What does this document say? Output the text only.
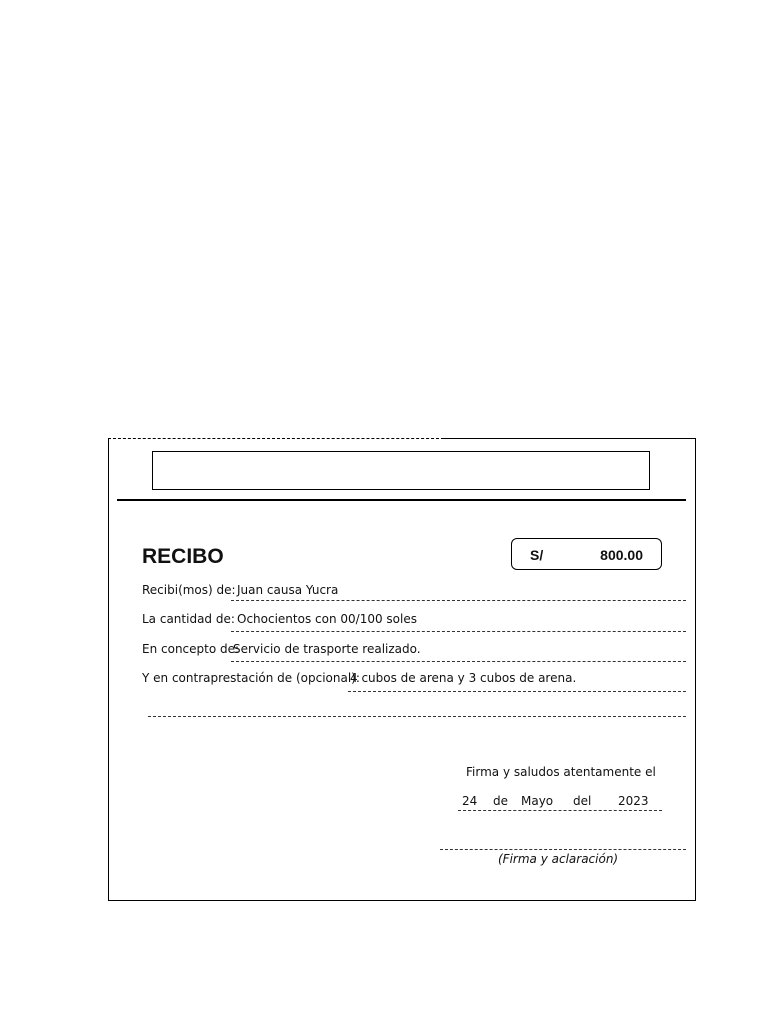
RECIBO	S/	800.00
Recibi(mos) de: Juan causa Yucra
La cantidad de: Ochocientos con 00/100 soles
En concepto de:
Servicio de trasporte realizado.
Y en contraprestación de (opcional):
4 cubos de arena y 3 cubos de arena.
Firma y saludos atentamente el
24 de Mayo del 2023
(Firma y aclaración)
